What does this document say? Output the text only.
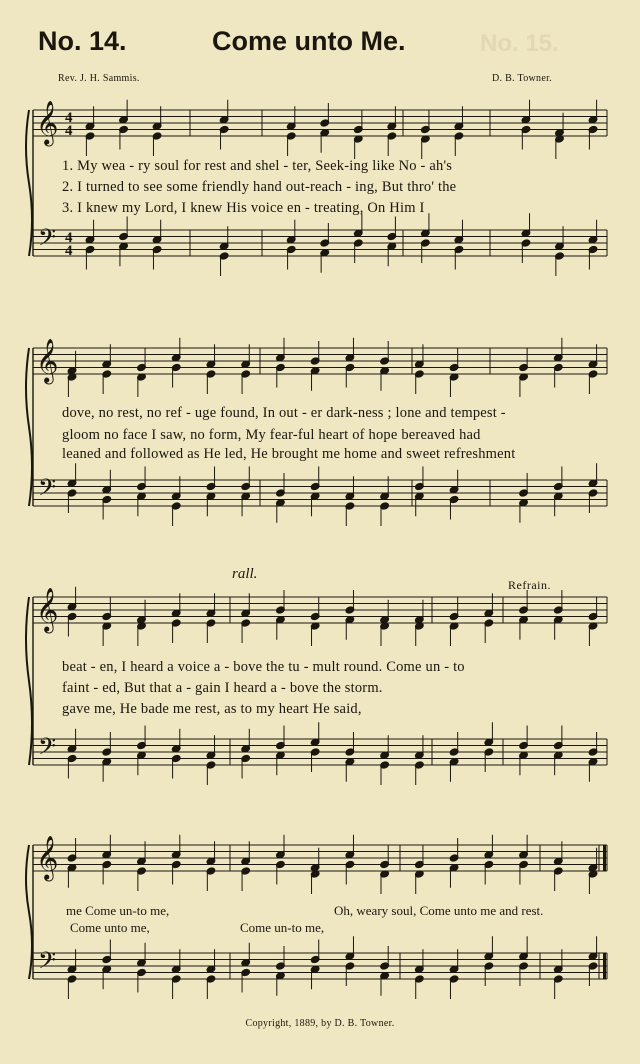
No. 14.	Come unto Me.	No. 15.
Rev. J. H. Sammis.	D. B. Towner.
𝄞
𝄢
4
4
4
4
𝄞
𝄢
𝄞
𝄢
𝄞
𝄢
1. My wea - ry soul for rest and shel - ter, Seek-ing like No - ah's
2. I turned to see some friendly hand out-reach - ing, But thro' the
3. I knew my Lord, I knew His voice en - treating, On Him I
dove, no rest, no ref - uge found, In out - er dark-ness ; lone and tempest -
gloom no face I saw, no form, My fear-ful heart of hope bereaved had
leaned and followed as He led, He brought me home and sweet refreshment
rall.
Refrain.
beat - en, I heard a voice a - bove the tu - mult round. Come un - to
faint - ed, But that a - gain I heard a - bove the storm.
gave me, He bade me rest, as to my heart He said,
me Come un-to me,	Oh, weary soul, Come unto me and rest.
Come unto me,	Come un-to me,
Copyright, 1889, by D. B. Towner.
